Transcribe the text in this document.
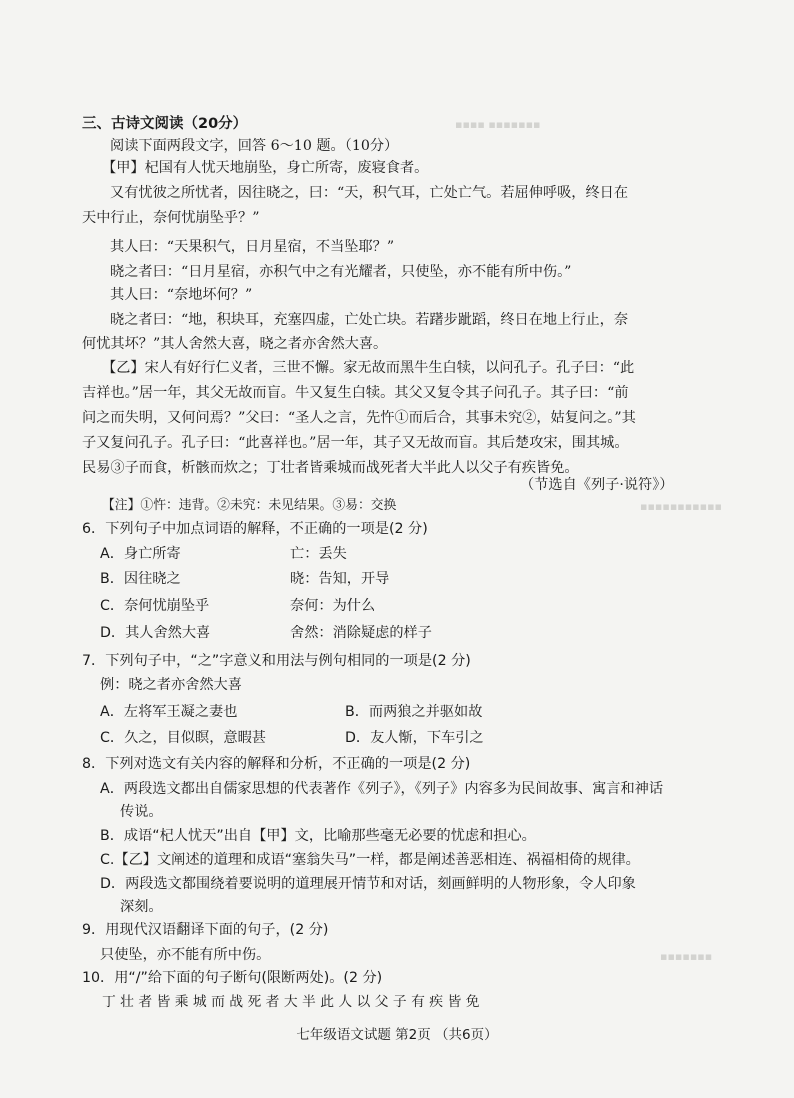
▪▪▪▪ ▪▪▪▪▪▪▪
▪▪▪▪▪▪▪▪▪▪▪
▪▪▪▪▪▪▪
三、古诗文阅读（20分）
阅读下面两段文字，回答 6～10 题。（10分）
【甲】杞国有人忧天地崩坠，身亡所寄，废寝食者。
又有忧彼之所忧者，因往晓之，曰：“天，积气耳，亡处亡气。若屈伸呼吸，终日在
天中行止，奈何忧崩坠乎？”
其人曰：“天果积气，日月星宿，不当坠耶？”
晓之者曰：“日月星宿，亦积气中之有光耀者，只使坠，亦不能有所中伤。”
其人曰：“奈地坏何？”
晓之者曰：“地，积块耳，充塞四虚，亡处亡块。若躇步跐蹈，终日在地上行止，奈
何忧其坏？”其人舍然大喜，晓之者亦舍然大喜。
【乙】宋人有好行仁义者，三世不懈。家无故而黑牛生白犊，以问孔子。孔子曰：“此
吉祥也。”居一年，其父无故而盲。牛又复生白犊。其父又复令其子问孔子。其子曰：“前
问之而失明，又何问焉？”父曰：“圣人之言，先忤①而后合，其事未究②，姑复问之。”其
子又复问孔子。孔子曰：“此喜祥也。”居一年，其子又无故而盲。其后楚攻宋，围其城。
民易③子而食，析骸而炊之；丁壮者皆乘城而战死者大半此人以父子有疾皆免。
（节选自《列子·说符》）
【注】①忤：违背。②未究：未见结果。③易：交换
6．下列句子中加点词语的解释，不正确的一项是(2 分)
A．身亡所寄	亡：丢失
B．因往晓之	晓：告知，开导
C．奈何忧崩坠乎	奈何：为什么
D．其人舍然大喜	舍然：消除疑虑的样子
7．下列句子中，“之”字意义和用法与例句相同的一项是(2 分)
例：晓之者亦舍然大喜
A．左将军王凝之妻也	B．而两狼之并驱如故
C．久之，目似瞑，意暇甚	D．友人惭，下车引之
8．下列对选文有关内容的解释和分析，不正确的一项是(2 分)
A．两段选文都出自儒家思想的代表著作《列子》，《列子》内容多为民间故事、寓言和神话
传说。
B．成语“杞人忧天”出自【甲】文，比喻那些毫无必要的忧虑和担心。
C.【乙】文阐述的道理和成语“塞翁失马”一样，都是阐述善恶相连、祸福相倚的规律。
D．两段选文都围绕着要说明的道理展开情节和对话，刻画鲜明的人物形象，令人印象
深刻。
9．用现代汉语翻译下面的句子，(2 分)
只使坠，亦不能有所中伤。
10．用“/”给下面的句子断句(限断两处)。(2 分)
丁 壮 者 皆 乘 城 而 战 死 者 大 半 此 人 以 父 子 有 疾 皆 免
七年级语文试题 第2页 （共6页）
